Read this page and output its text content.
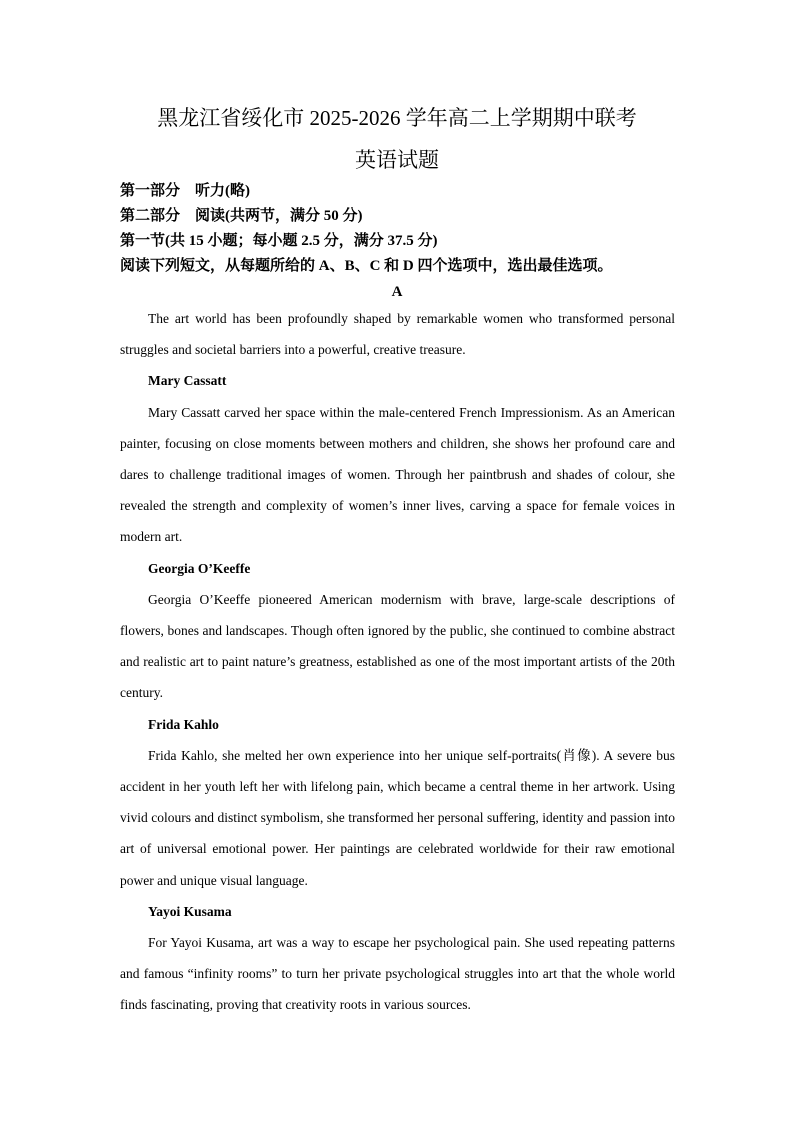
黑龙江省绥化市 2025-2026 学年高二上学期期中联考
英语试题
第一部分　听力(略)
第二部分　阅读(共两节，满分 50 分)
第一节(共 15 小题；每小题 2.5 分，满分 37.5 分)
阅读下列短文，从每题所给的 A、B、C 和 D 四个选项中，选出最佳选项。
A

The art world has been profoundly shaped by remarkable women who transformed personal struggles and societal barriers into a powerful, creative treasure.

Mary Cassatt

Mary Cassatt carved her space within the male-centered French Impressionism. As an American painter, focusing on close moments between mothers and children, she shows her profound care and dares to challenge traditional images of women. Through her paintbrush and shades of colour, she revealed the strength and complexity of women’s inner lives, carving a space for female voices in modern art.

Georgia O’Keeffe

Georgia O’Keeffe pioneered American modernism with brave, large-scale descriptions of flowers, bones and landscapes. Though often ignored by the public, she continued to combine abstract and realistic art to paint nature’s greatness, established as one of the most important artists of the 20th century.

Frida Kahlo

Frida Kahlo, she melted her own experience into her unique self-portraits(肖像). A severe bus accident in her youth left her with lifelong pain, which became a central theme in her artwork. Using vivid colours and distinct symbolism, she transformed her personal suffering, identity and passion into art of universal emotional power. Her paintings are celebrated worldwide for their raw emotional power and unique visual language.

Yayoi Kusama

For Yayoi Kusama, art was a way to escape her psychological pain. She used repeating patterns and famous “infinity rooms” to turn her private psychological struggles into art that the whole world finds fascinating, proving that creativity roots in various sources.
